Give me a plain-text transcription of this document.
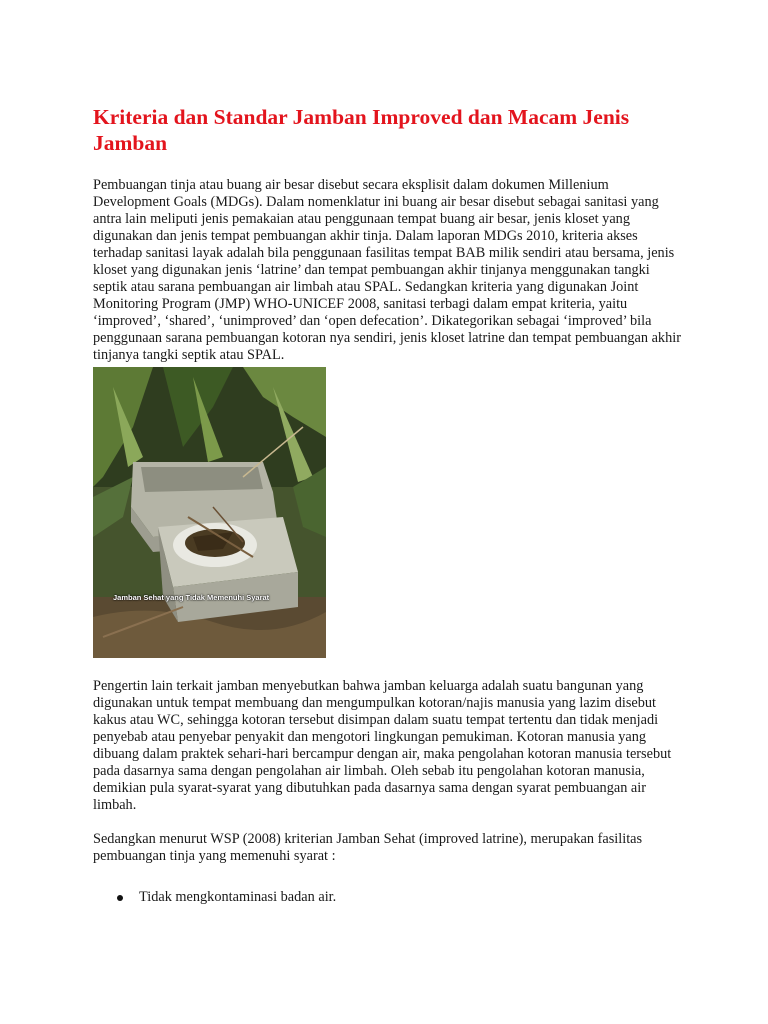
Kriteria dan Standar Jamban Improved dan Macam Jenis Jamban

Pembuangan tinja atau buang air besar disebut secara eksplisit dalam dokumen Millenium Development Goals (MDGs). Dalam nomenklatur ini buang air besar disebut sebagai sanitasi yang antra lain meliputi jenis pemakaian atau penggunaan tempat buang air besar, jenis kloset yang digunakan dan jenis tempat pembuangan akhir tinja. Dalam laporan MDGs 2010, kriteria akses terhadap sanitasi layak adalah bila penggunaan fasilitas tempat BAB milik sendiri atau bersama, jenis kloset yang digunakan jenis ‘latrine’ dan tempat pembuangan akhir tinjanya menggunakan tangki septik atau sarana pembuangan air limbah atau SPAL. Sedangkan kriteria yang digunakan Joint Monitoring Program (JMP) WHO-UNICEF 2008, sanitasi terbagi dalam empat kriteria, yaitu ‘improved’, ‘shared’, ‘unimproved’ dan ‘open defecation’. Dikategorikan sebagai ‘improved’ bila penggunaan sarana pembuangan kotoran nya sendiri, jenis kloset latrine dan tempat pembuangan akhir tinjanya tangki septik atau SPAL.

Jamban Sehat yang Tidak Memenuhi Syarat

Pengertin lain terkait jamban menyebutkan bahwa jamban keluarga adalah suatu bangunan yang digunakan untuk tempat membuang dan mengumpulkan kotoran/najis manusia yang lazim disebut kakus atau WC, sehingga kotoran tersebut disimpan dalam suatu tempat tertentu dan tidak menjadi penyebab atau penyebar penyakit dan mengotori lingkungan pemukiman. Kotoran manusia yang dibuang dalam praktek sehari-hari bercampur dengan air, maka pengolahan kotoran manusia tersebut pada dasarnya sama dengan pengolahan air limbah. Oleh sebab itu pengolahan kotoran manusia, demikian pula syarat-syarat yang dibutuhkan pada dasarnya sama dengan syarat pembuangan air limbah.

Sedangkan menurut WSP (2008) kriterian Jamban Sehat (improved latrine), merupakan fasilitas pembuangan tinja yang memenuhi syarat :

Tidak mengkontaminasi badan air.
